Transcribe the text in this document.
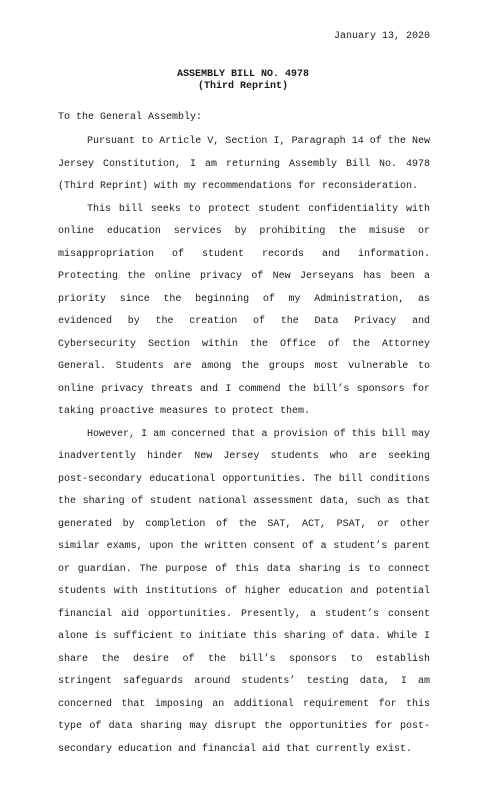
January 13, 2020
ASSEMBLY BILL NO. 4978
(Third Reprint)
To the General Assembly:

Pursuant to Article V, Section I, Paragraph 14 of the New Jersey Constitution, I am returning Assembly Bill No. 4978 (Third Reprint) with my recommendations for reconsideration.

This bill seeks to protect student confidentiality with online education services by prohibiting the misuse or misappropriation of student records and information. Protecting the online privacy of New Jerseyans has been a priority since the beginning of my Administration, as evidenced by the creation of the Data Privacy and Cybersecurity Section within the Office of the Attorney General. Students are among the groups most vulnerable to online privacy threats and I commend the bill’s sponsors for taking proactive measures to protect them.

However, I am concerned that a provision of this bill may inadvertently hinder New Jersey students who are seeking post-secondary educational opportunities. The bill conditions the sharing of student national assessment data, such as that generated by completion of the SAT, ACT, PSAT, or other similar exams, upon the written consent of a student’s parent or guardian. The purpose of this data sharing is to connect students with institutions of higher education and potential financial aid opportunities. Presently, a student’s consent alone is sufficient to initiate this sharing of data. While I share the desire of the bill’s sponsors to establish stringent safeguards around students’ testing data, I am concerned that imposing an additional requirement for this type of data sharing may disrupt the opportunities for post-secondary education and financial aid that currently exist.
